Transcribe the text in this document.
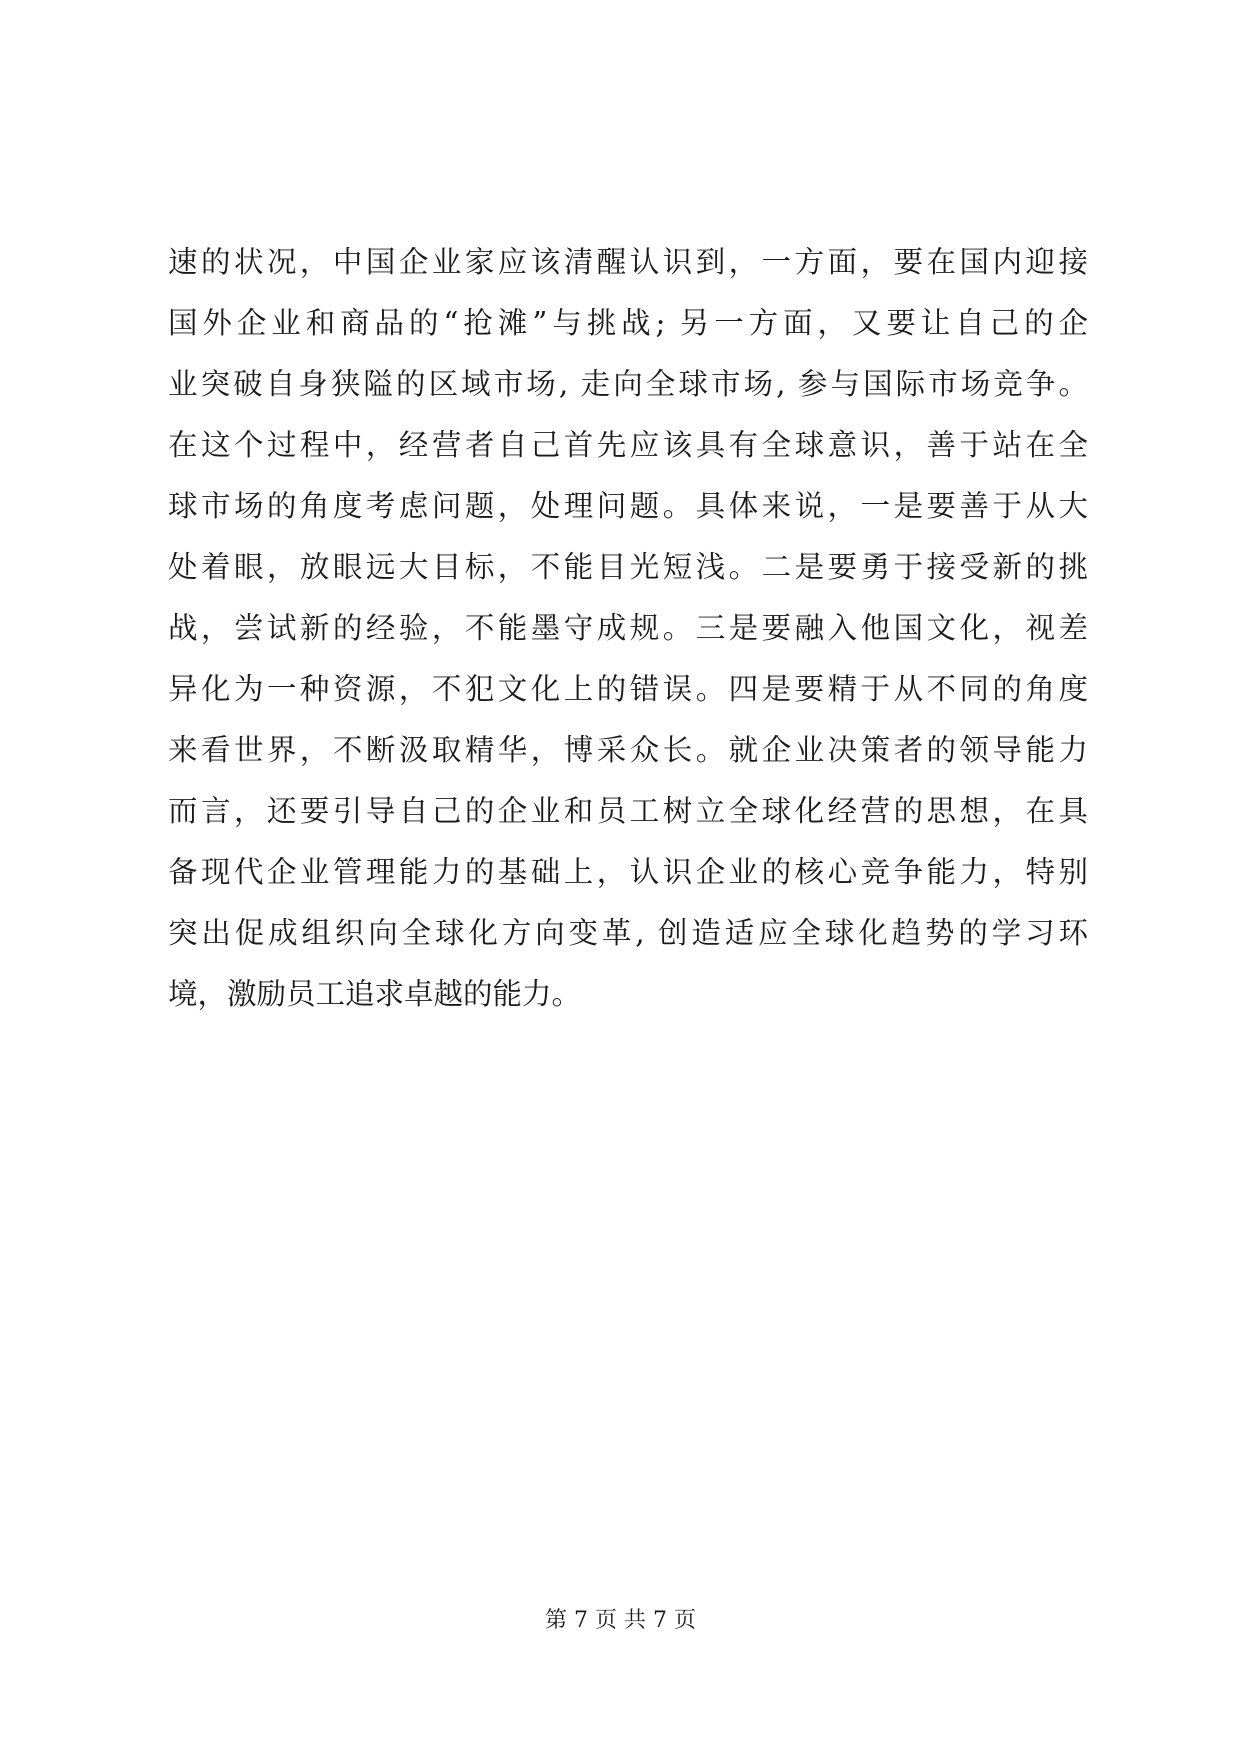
速的状况，中国企业家应该清醒认识到，一方面，要在国内迎接
国外企业和商品的“抢滩”与挑战; 另一方面，又要让自己的企
业突破自身狭隘的区域市场, 走向全球市场, 参与国际市场竞争。
在这个过程中，经营者自己首先应该具有全球意识，善于站在全
球市场的角度考虑问题，处理问题。具体来说，一是要善于从大
处着眼，放眼远大目标，不能目光短浅。二是要勇于接受新的挑
战，尝试新的经验，不能墨守成规。三是要融入他国文化，视差
异化为一种资源，不犯文化上的错误。四是要精于从不同的角度
来看世界，不断汲取精华，博采众长。就企业决策者的领导能力
而言，还要引导自己的企业和员工树立全球化经营的思想，在具
备现代企业管理能力的基础上，认识企业的核心竞争能力，特别
突出促成组织向全球化方向变革, 创造适应全球化趋势的学习环
境，激励员工追求卓越的能力。
第 7 页 共 7 页
